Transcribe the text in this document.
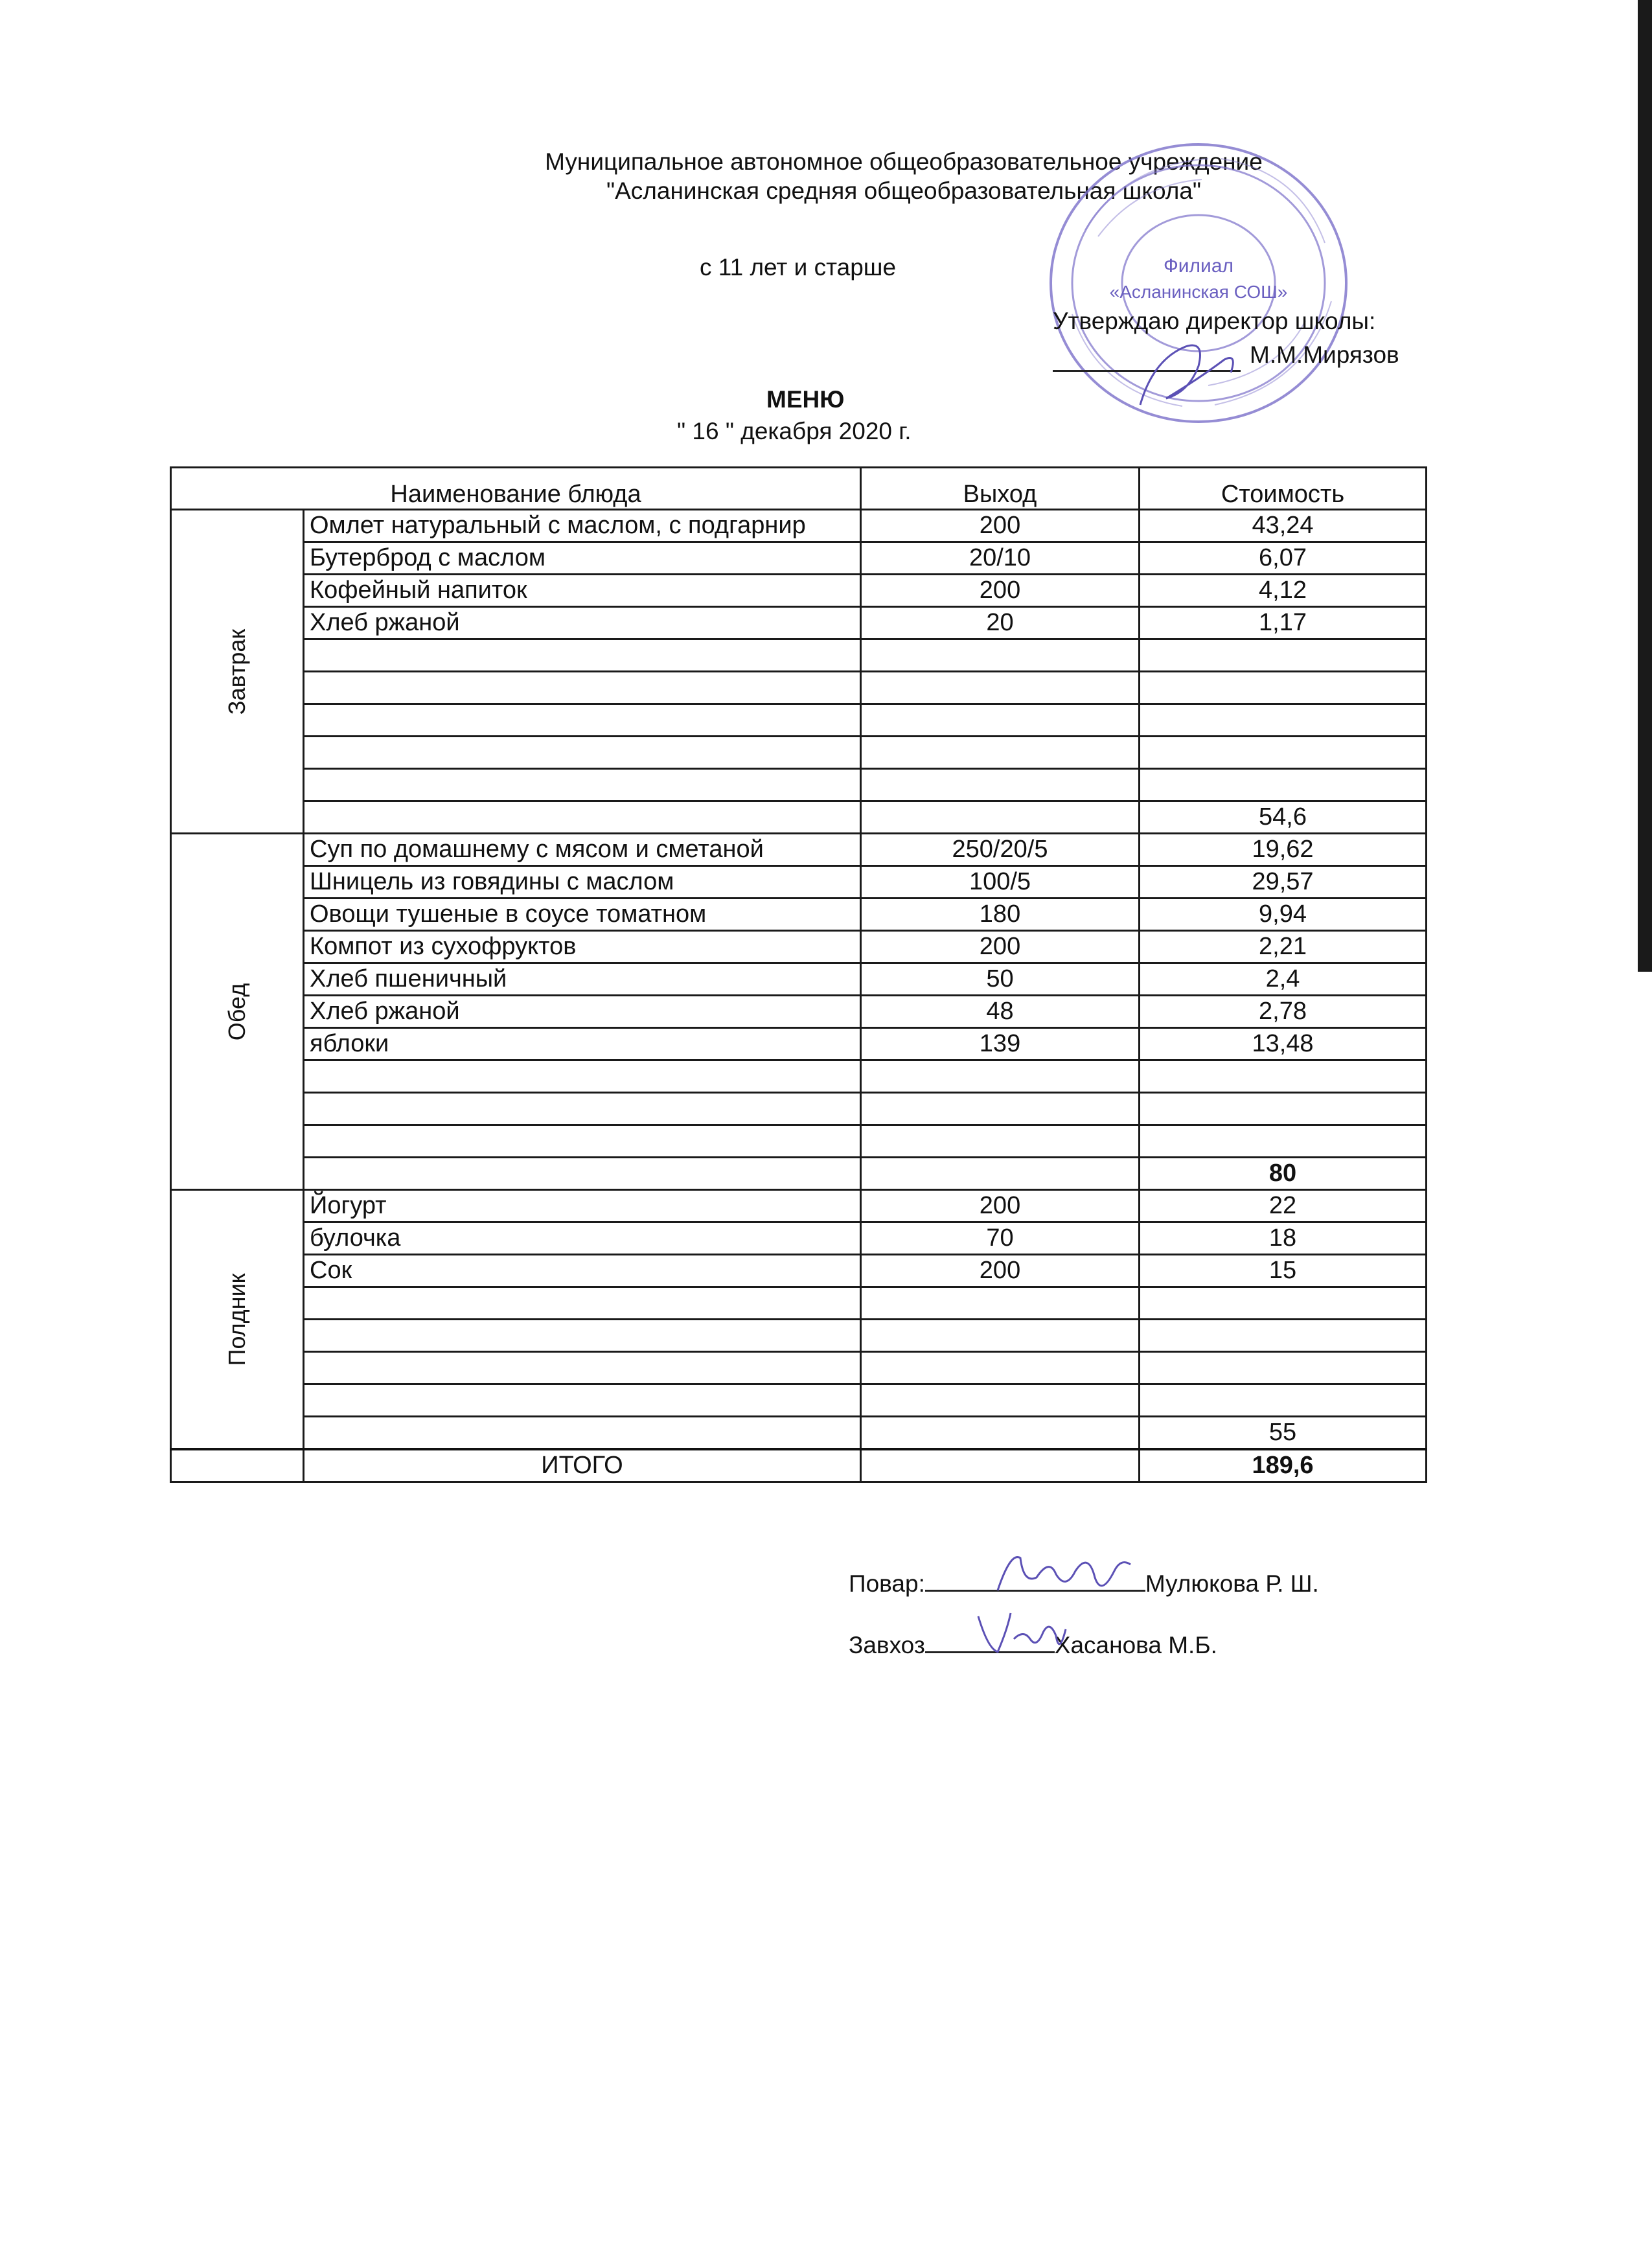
Муниципальное автономное общеобразовательное учреждение
"Асланинская средняя общеобразовательная школа"
с 11 лет и старше	Филиал
«Асланинская СОШ»
Утверждаю директор школы:
М.М.Мирязов
МЕНЮ
" 16 " декабря 2020 г.
Наименование блюда		Выход	Стоимость

Завтрак	Омлет натуральный с маслом, с подгарнир	200	43,24
	Бутерброд с маслом	20/10	6,07
	Кофейный напиток	200	4,12
	Хлеб ржаной	20	1,17

			54,6

Обед	Суп по домашнему с мясом и сметаной	250/20/5	19,62
	Шницель из говядины с маслом	100/5	29,57
	Овощи тушеные в соусе томатном	180	9,94
	Компот из сухофруктов	200	2,21
	Хлеб пшеничный	50	2,4
	Хлеб ржаной	48	2,78
	яблоки	139	13,48

			80

Полдник	Йогурт	200	22
	булочка	70	18
	Сок	200	15

			55
	ИТОГО		189,6
Повар:	Мулюкова Р. Ш.
Завхоз	Хасанова М.Б.
